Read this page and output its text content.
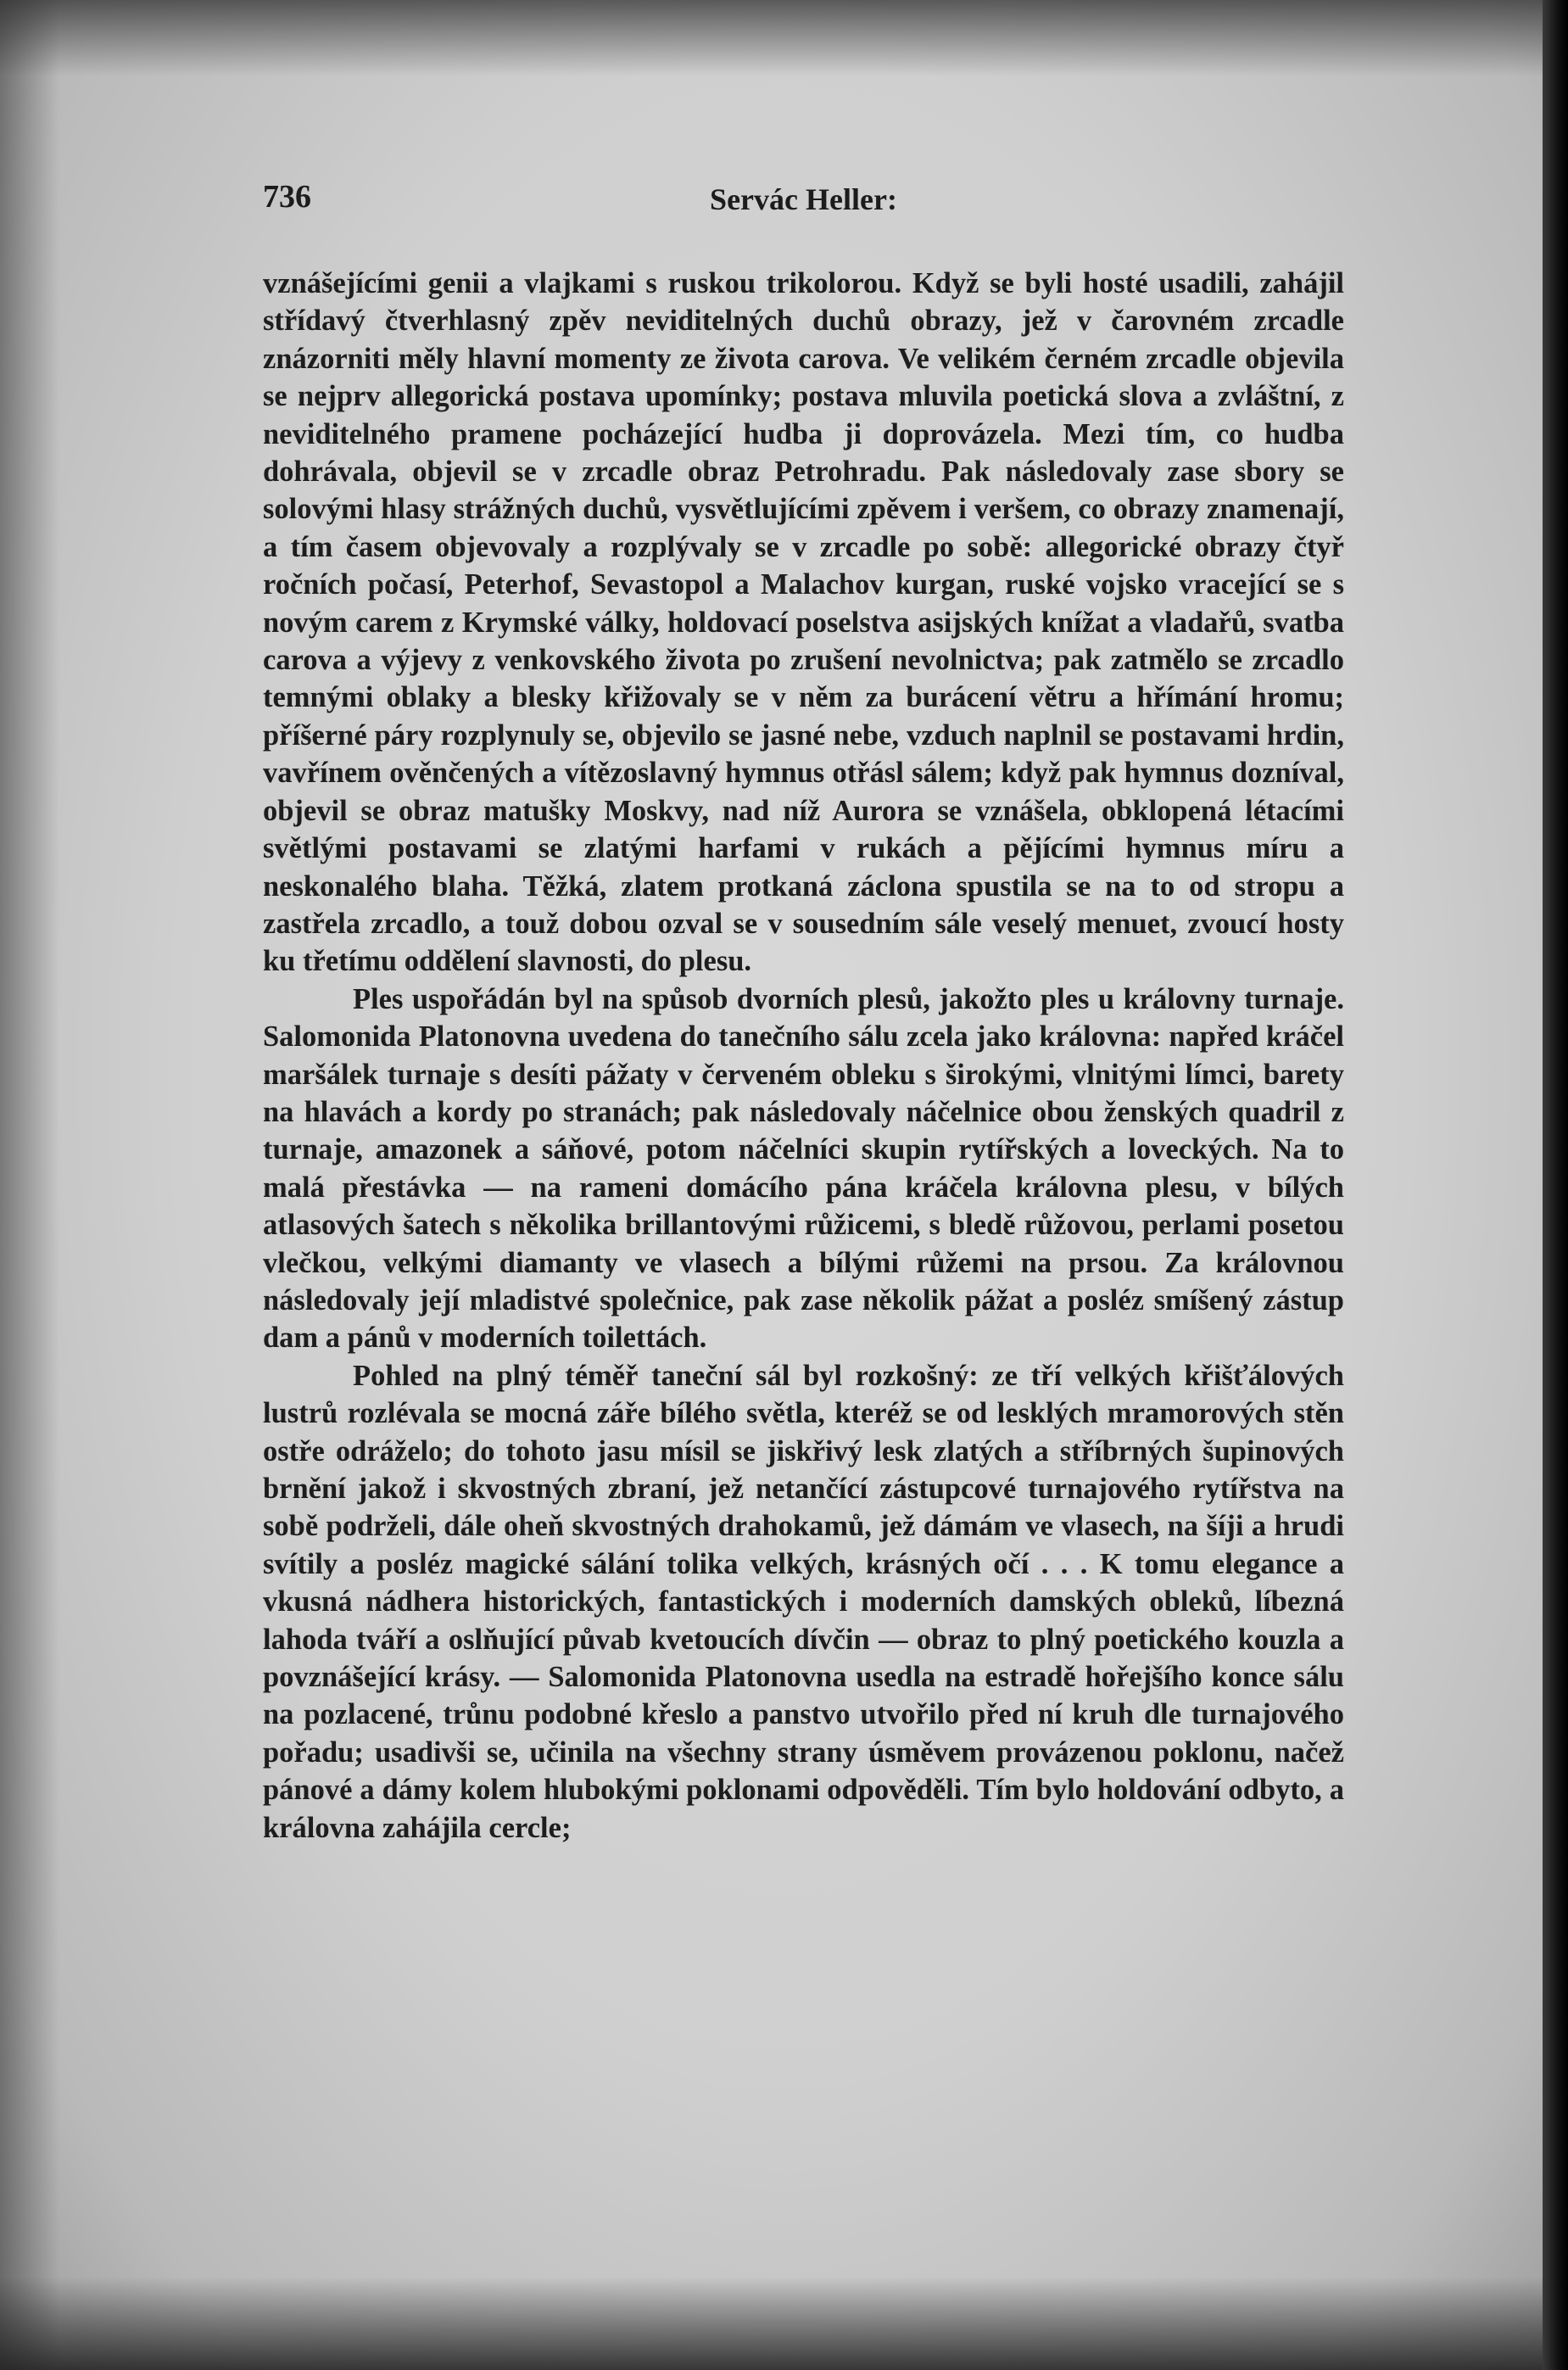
736	Servác Heller:

vznášejícími genii a vlajkami s ruskou trikolorou. Když se byli hosté usadili, zahájil střídavý čtverhlasný zpěv neviditelných duchů obrazy, jež v čarovném zrcadle znázorniti měly hlavní momenty ze života carova. Ve velikém černém zrcadle objevila se nejprv allegorická postava upomínky; postava mluvila poetická slova a zvláštní, z neviditelného pramene pocházející hudba ji doprovázela. Mezi tím, co hudba dohrávala, objevil se v zrcadle obraz Petrohradu. Pak následovaly zase sbory se solovými hlasy strážných duchů, vysvětlujícími zpěvem i veršem, co obrazy znamenají, a tím časem objevovaly a rozplývaly se v zrcadle po sobě: allegorické obrazy čtyř ročních počasí, Peterhof, Sevastopol a Malachov kurgan, ruské vojsko vracející se s novým carem z Krymské války, holdovací poselstva asijských knížat a vladařů, svatba carova a výjevy z venkovského života po zrušení nevolnictva; pak zatmělo se zrcadlo temnými oblaky a blesky křižovaly se v něm za burácení větru a hřímání hromu; příšerné páry rozplynuly se, objevilo se jasné nebe, vzduch naplnil se postavami hrdin, vavřínem ověnčených a vítězoslavný hymnus otřásl sálem; když pak hymnus dozníval, objevil se obraz matušky Moskvy, nad níž Aurora se vznášela, obklopená létacími světlými postavami se zlatými harfami v rukách a pějícími hymnus míru a neskonalého blaha. Těžká, zlatem protkaná záclona spustila se na to od stropu a zastřela zrcadlo, a touž dobou ozval se v sousedním sále veselý menuet, zvoucí hosty ku třetímu oddělení slavnosti, do plesu.

Ples uspořádán byl na spůsob dvorních plesů, jakožto ples u královny turnaje. Salomonida Platonovna uvedena do tanečního sálu zcela jako královna: napřed kráčel maršálek turnaje s desíti pážaty v červeném obleku s širokými, vlnitými límci, barety na hlavách a kordy po stranách; pak následovaly náčelnice obou ženských quadril z turnaje, amazonek a sáňové, potom náčelníci skupin rytířských a loveckých. Na to malá přestávka — na rameni domácího pána kráčela královna plesu, v bílých atlasových šatech s několika brillantovými růžicemi, s bledě růžovou, perlami posetou vlečkou, velkými diamanty ve vlasech a bílými růžemi na prsou. Za královnou následovaly její mladistvé společnice, pak zase několik pážat a posléz smíšený zástup dam a pánů v moderních toilettách.

Pohled na plný téměř taneční sál byl rozkošný: ze tří velkých křišťálových lustrů rozlévala se mocná záře bílého světla, kteréž se od lesklých mramorových stěn ostře odráželo; do tohoto jasu mísil se jiskřivý lesk zlatých a stříbrných šupinových brnění jakož i skvostných zbraní, jež netančící zástupcové turnajového rytířstva na sobě podrželi, dále oheň skvostných drahokamů, jež dámám ve vlasech, na šíji a hrudi svítily a posléz magické sálání tolika velkých, krásných očí . . . K tomu elegance a vkusná nádhera historických, fantastických i moderních damských obleků, líbezná lahoda tváří a oslňující půvab kvetoucích dívčin — obraz to plný poetického kouzla a povznášející krásy. — Salomonida Platonovna usedla na estradě hořejšího konce sálu na pozlacené, trůnu podobné křeslo a panstvo utvořilo před ní kruh dle turnajového pořadu; usadivši se, učinila na všechny strany úsměvem provázenou poklonu, načež pánové a dámy kolem hlubokými poklonami odpověděli. Tím bylo holdování odbyto, a královna zahájila cercle;
